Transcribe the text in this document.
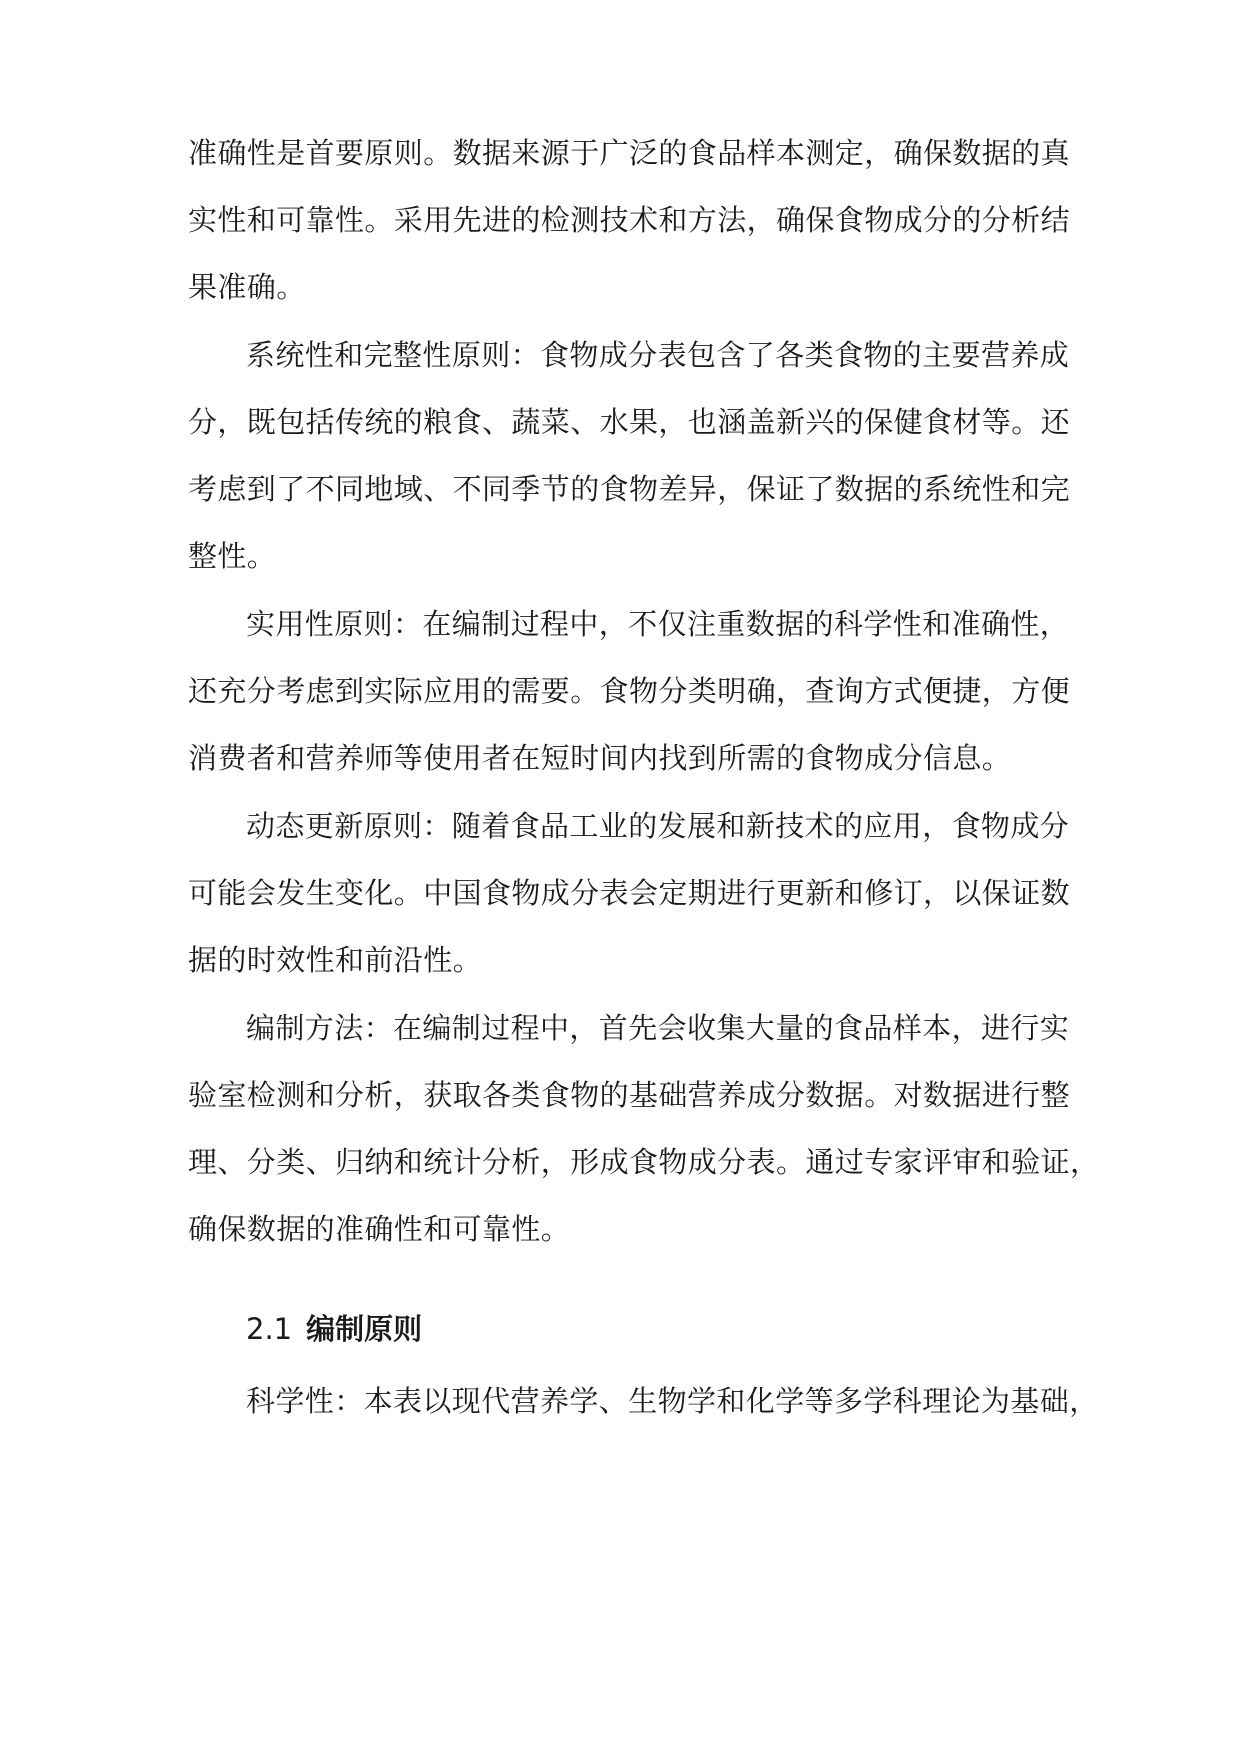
准确性是首要原则。数据来源于广泛的食品样本测定，确保数据的真
实性和可靠性。采用先进的检测技术和方法，确保食物成分的分析结
果准确。
系统性和完整性原则：食物成分表包含了各类食物的主要营养成
分，既包括传统的粮食、蔬菜、水果，也涵盖新兴的保健食材等。还
考虑到了不同地域、不同季节的食物差异，保证了数据的系统性和完
整性。
实用性原则：在编制过程中，不仅注重数据的科学性和准确性，
还充分考虑到实际应用的需要。食物分类明确，查询方式便捷，方便
消费者和营养师等使用者在短时间内找到所需的食物成分信息。
动态更新原则：随着食品工业的发展和新技术的应用，食物成分
可能会发生变化。中国食物成分表会定期进行更新和修订，以保证数
据的时效性和前沿性。
编制方法：在编制过程中，首先会收集大量的食品样本，进行实
验室检测和分析，获取各类食物的基础营养成分数据。对数据进行整
理、分类、归纳和统计分析，形成食物成分表。通过专家评审和验证，
确保数据的准确性和可靠性。
2.1 编制原则
科学性：本表以现代营养学、生物学和化学等多学科理论为基础，
